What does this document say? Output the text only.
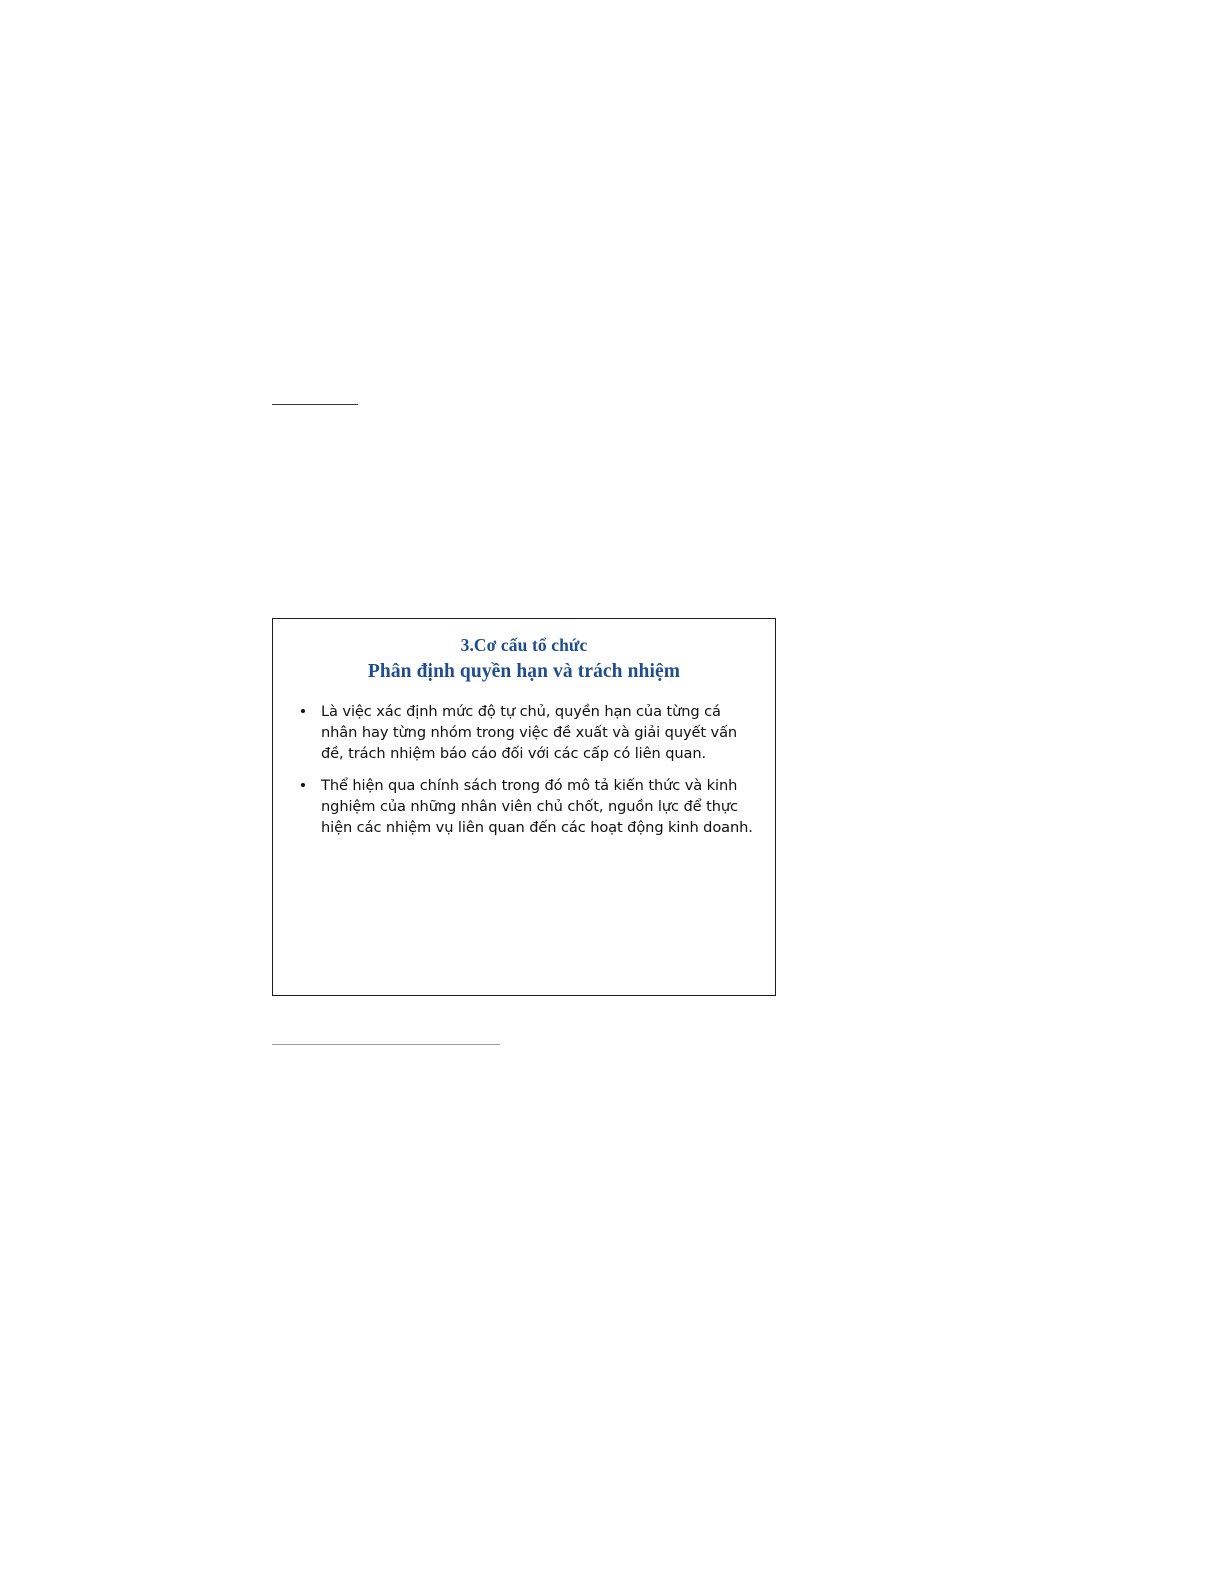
3.Cơ cấu tổ chức
Phân định quyền hạn và trách nhiệm
Là việc xác định mức độ tự chủ, quyền hạn của từng cá nhân hay từng nhóm trong việc đề xuất và giải quyết vấn đề, trách nhiệm báo cáo đối với các cấp có liên quan.
Thể hiện qua chính sách trong đó mô tả kiến thức và kinh nghiệm của những nhân viên chủ chốt, nguồn lực để thực hiện các nhiệm vụ liên quan đến các hoạt động kinh doanh.
